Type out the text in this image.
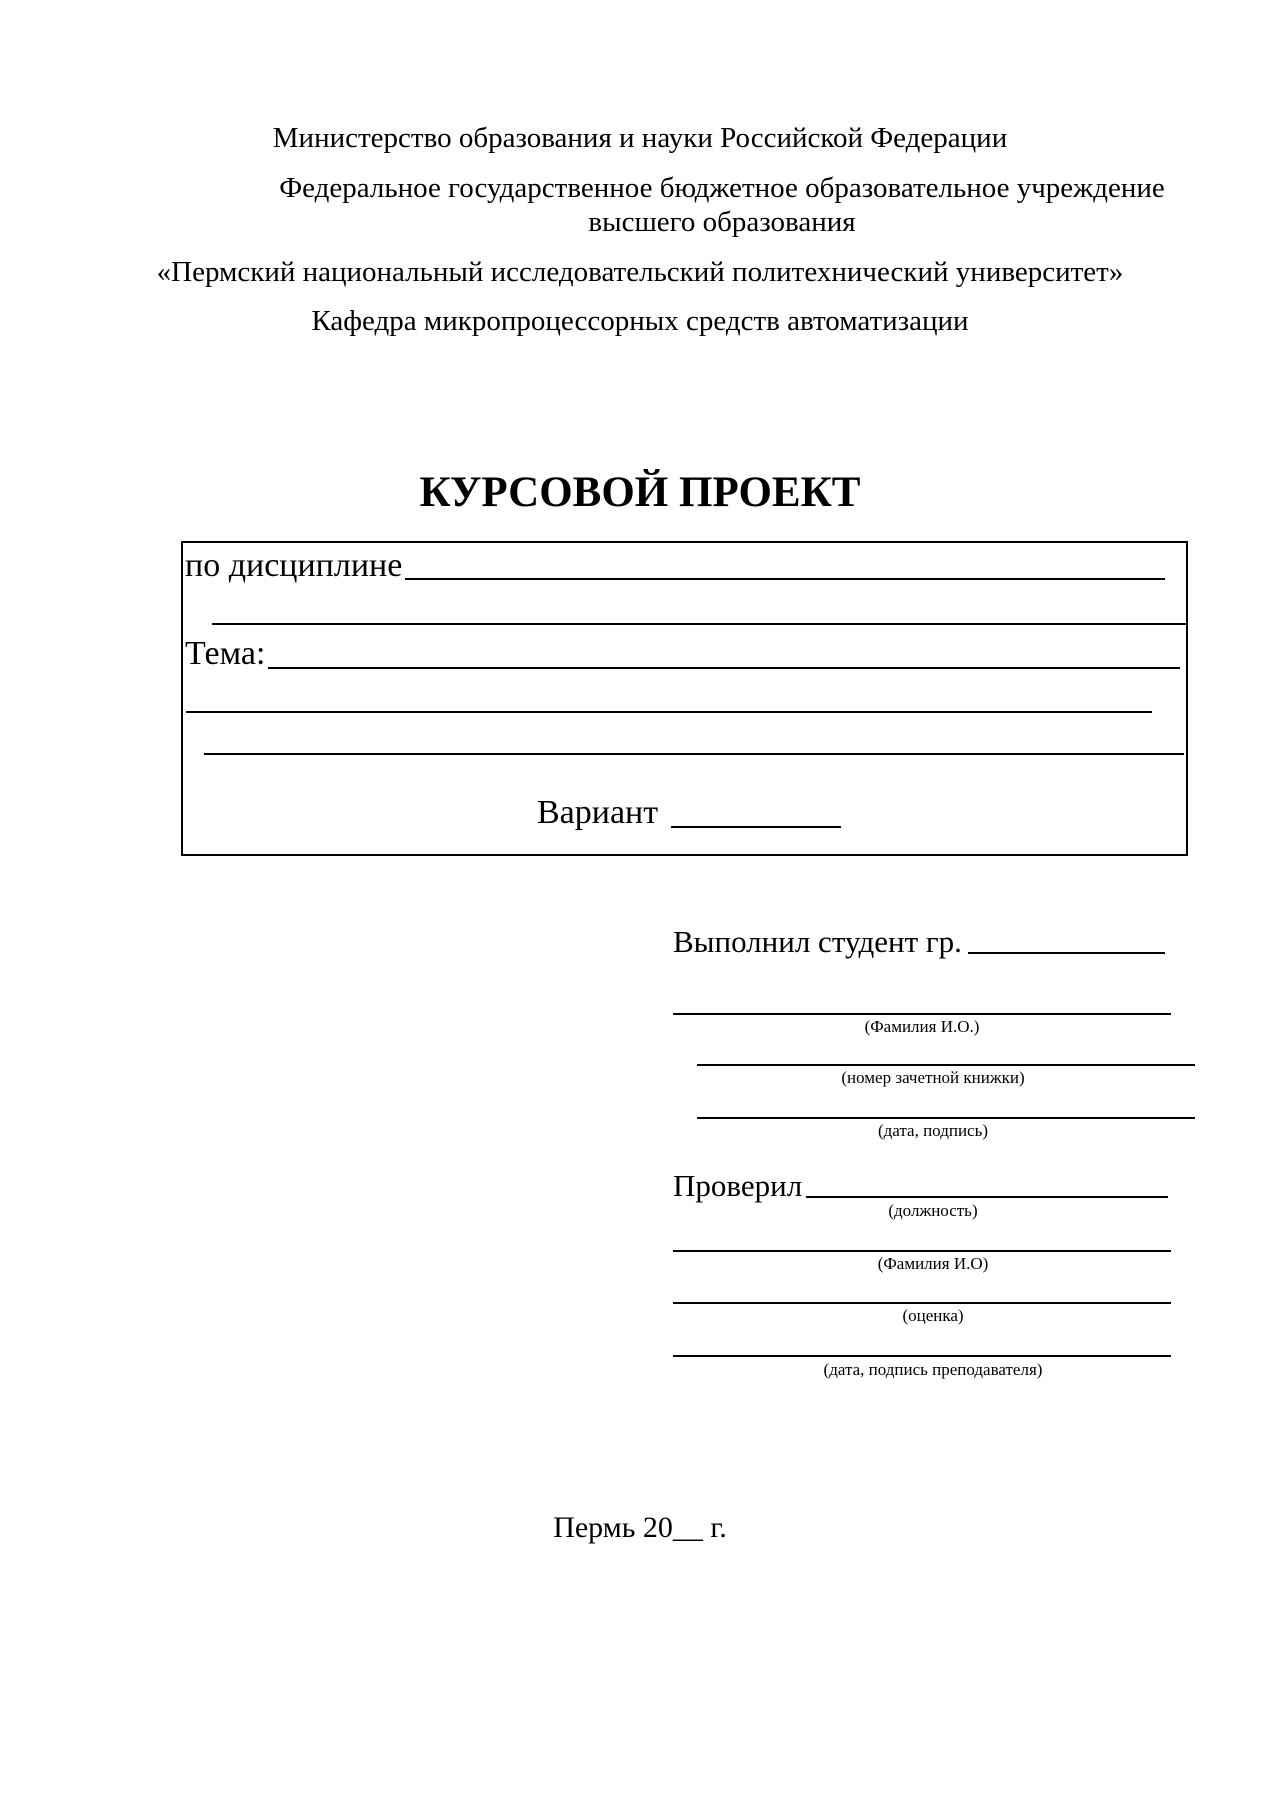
Министерство образования и науки Российской Федерации
Федеральное государственное бюджетное образовательное учреждение
высшего образования
«Пермский национальный исследовательский политехнический университет»
Кафедра микропроцессорных средств автоматизации
КУРСОВОЙ ПРОЕКТ
по дисциплине
Тема:
Вариант
Выполнил студент гр.
(Фамилия И.О.)
(номер зачетной книжки)
(дата, подпись)
Проверил
(должность)
(Фамилия И.О)
(оценка)
(дата, подпись преподавателя)
Пермь 20__ г.
